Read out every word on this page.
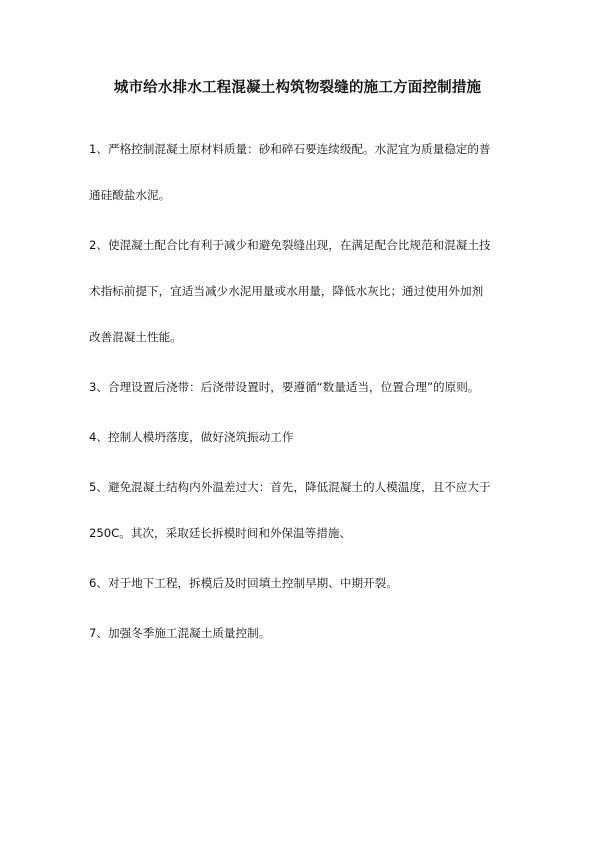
城市给水排水工程混凝土构筑物裂缝的施工方面控制措施

1、严格控制混凝土原材料质量：砂和碎石要连续级配。水泥宜为质量稳定的普
通硅酸盐水泥。

2、使混凝土配合比有利于减少和避免裂缝出现，在满足配合比规范和混凝土技
术指标前提下，宜适当减少水泥用量或水用量，降低水灰比；通过使用外加剂
改善混凝土性能。

3、合理设置后浇带：后浇带设置时，要遵循“数量适当，位置合理”的原则。

4、控制人模坍落度，做好浇筑振动工作

5、避免混凝土结构内外温差过大：首先，降低混凝土的人模温度，且不应大于
250C。其次，采取廷长拆模时间和外保温等措施、

6、对于地下工程，拆模后及时回填土控制早期、中期开裂。

7、加强冬季施工混凝土质量控制。
